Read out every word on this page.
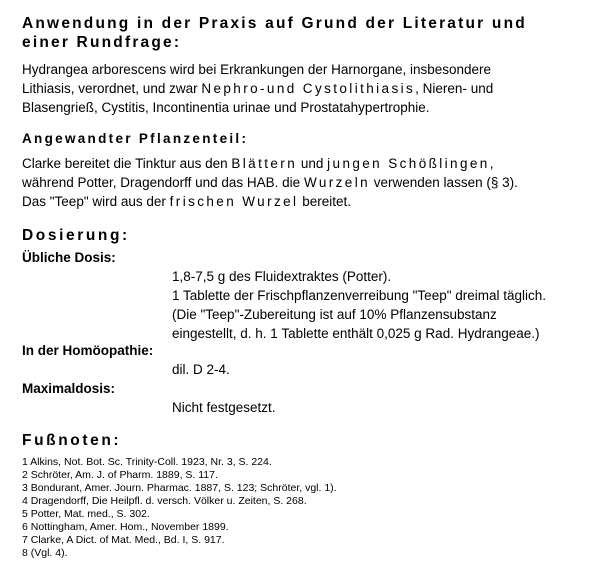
Anwendung in der Praxis auf Grund der Literatur und einer Rundfrage:

Hydrangea arborescens wird bei Erkrankungen der Harnorgane, insbesondere Lithiasis, verordnet, und zwar Nephro-und Cystolithiasis, Nieren- und Blasengrieß, Cystitis, Incontinentia urinae und Prostatahypertrophie.

Angewandter Pflanzenteil:

Clarke bereitet die Tinktur aus den Blättern und jungen Schößlingen, während Potter, Dragendorff und das HAB. die Wurzeln verwenden lassen (§ 3). Das "Teep" wird aus der frischen Wurzel bereitet.

Dosierung:

Übliche Dosis:

1,8-7,5 g des Fluidextraktes (Potter).

1 Tablette der Frischpflanzenverreibung "Teep" dreimal täglich.

(Die "Teep"-Zubereitung ist auf 10% Pflanzensubstanz

eingestellt, d. h. 1 Tablette enthält 0,025 g Rad. Hydrangeae.)

In der Homöopathie:

dil. D 2-4.

Maximaldosis:

Nicht festgesetzt.

Fußnoten:

1 Alkins, Not. Bot. Sc. Trinity-Coll. 1923, Nr. 3, S. 224.

2 Schröter, Am. J. of Pharm. 1889, S. 117.

3 Bondurant, Amer. Journ. Pharmac. 1887, S. 123; Schröter, vgl. 1).

4 Dragendorff, Die Heilpfl. d. versch. Völker u. Zeiten, S. 268.

5 Potter, Mat. med., S. 302.

6 Nottingham, Amer. Hom., November 1899.

7 Clarke, A Dict. of Mat. Med., Bd. I, S. 917.

8 (Vgl. 4).
